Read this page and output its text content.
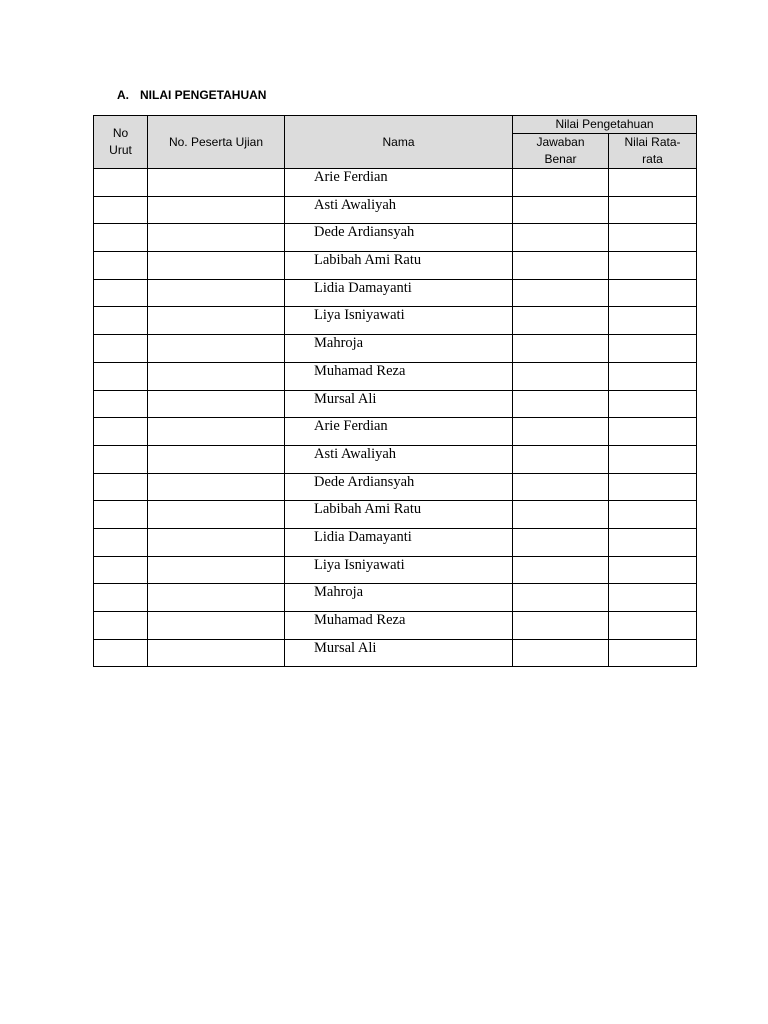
A. NILAI PENGETAHUAN
No Urut	No. Peserta Ujian	Nama	Nilai Pengetahuan	
			Jawaban Benar	Nilai Rata-rata
		Arie Ferdian		
		Asti Awaliyah		
		Dede Ardiansyah		
		Labibah Ami Ratu		
		Lidia Damayanti		
		Liya Isniyawati		
		Mahroja		
		Muhamad Reza		
		Mursal Ali		
		Arie Ferdian		
		Asti Awaliyah		
		Dede Ardiansyah		
		Labibah Ami Ratu		
		Lidia Damayanti		
		Liya Isniyawati		
		Mahroja		
		Muhamad Reza		
		Mursal Ali		
